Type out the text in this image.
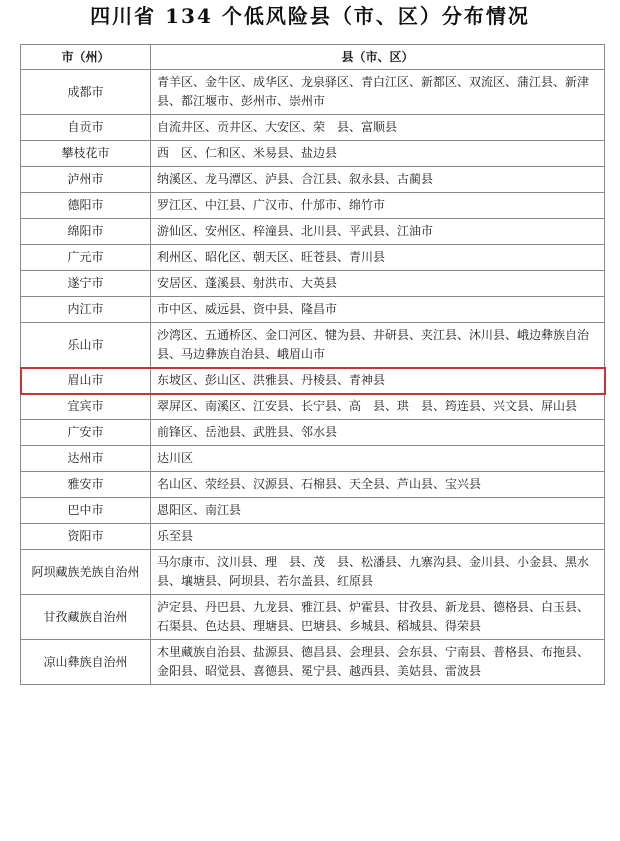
四川省 134 个低风险县（市、区）分布情况
市（州）	县（市、区）
成都市	青羊区、金牛区、成华区、龙泉驿区、青白江区、新都区、双流区、蒲江县、新津县、都江堰市、彭州市、崇州市
自贡市	自流井区、贡井区、大安区、荣　县、富顺县
攀枝花市	西　区、仁和区、米易县、盐边县
泸州市	纳溪区、龙马潭区、泸县、合江县、叙永县、古蔺县
德阳市	罗江区、中江县、广汉市、什邡市、绵竹市
绵阳市	游仙区、安州区、梓潼县、北川县、平武县、江油市
广元市	利州区、昭化区、朝天区、旺苍县、青川县
遂宁市	安居区、蓬溪县、射洪市、大英县
内江市	市中区、威远县、资中县、隆昌市
乐山市	沙湾区、五通桥区、金口河区、犍为县、井研县、夹江县、沐川县、峨边彝族自治县、马边彝族自治县、峨眉山市
眉山市	东坡区、彭山区、洪雅县、丹棱县、青神县
宜宾市	翠屏区、南溪区、江安县、长宁县、高　县、珙　县、筠连县、兴文县、屏山县
广安市	前锋区、岳池县、武胜县、邻水县
达州市	达川区
雅安市	名山区、荥经县、汉源县、石棉县、天全县、芦山县、宝兴县
巴中市	恩阳区、南江县
资阳市	乐至县
阿坝藏族羌族自治州	马尔康市、汶川县、理　县、茂　县、松潘县、九寨沟县、金川县、小金县、黑水县、壤塘县、阿坝县、若尔盖县、红原县
甘孜藏族自治州	泸定县、丹巴县、九龙县、雅江县、炉霍县、甘孜县、新龙县、德格县、白玉县、石渠县、色达县、理塘县、巴塘县、乡城县、稻城县、得荣县
凉山彝族自治州	木里藏族自治县、盐源县、德昌县、会理县、会东县、宁南县、普格县、布拖县、金阳县、昭觉县、喜德县、冕宁县、越西县、美姑县、雷波县
